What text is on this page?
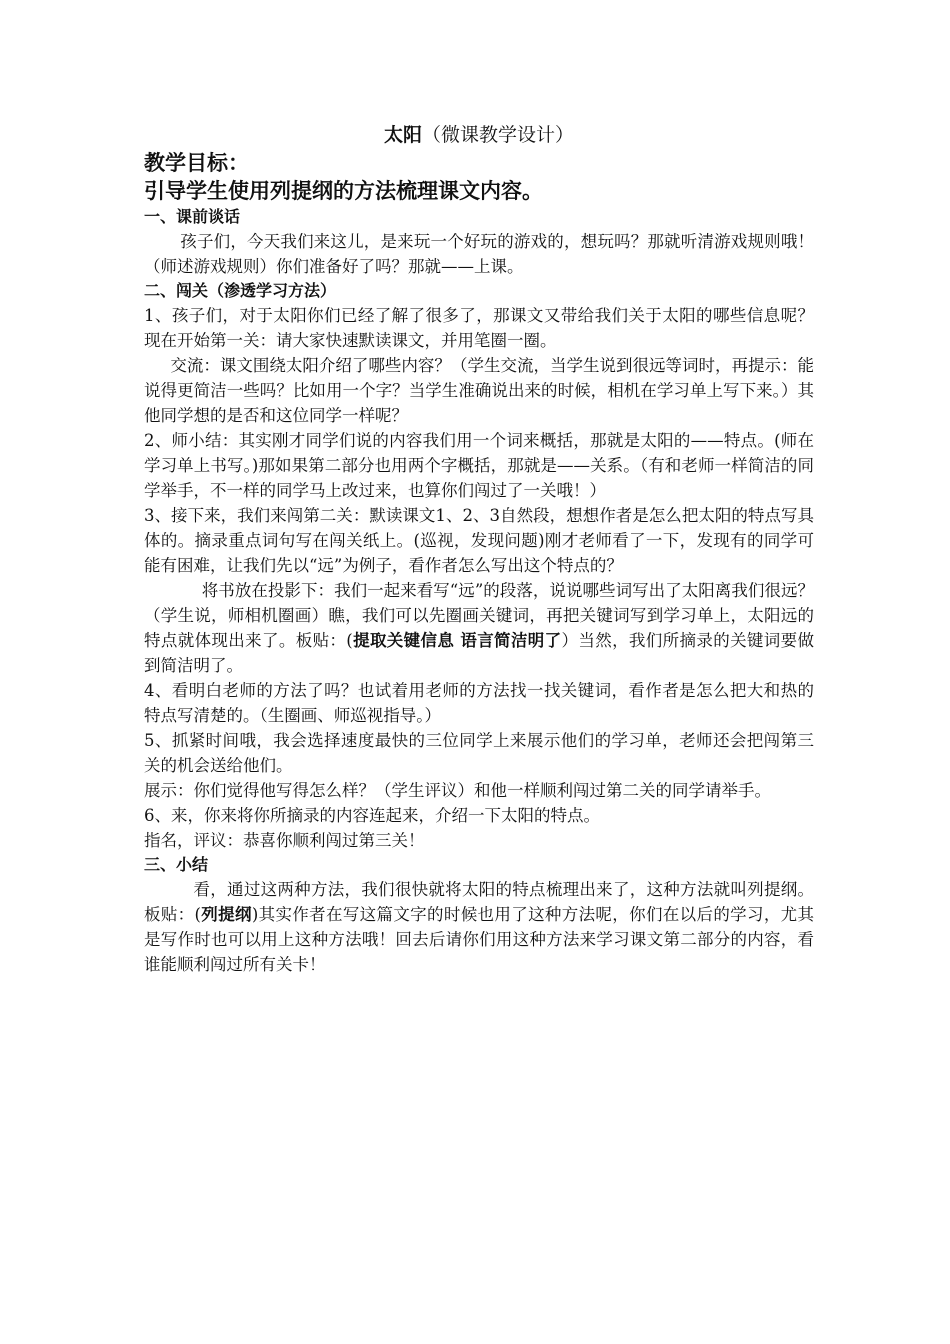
太阳（微课教学设计）
教学目标：
引导学生使用列提纲的方法梳理课文内容。
一、课前谈话

孩子们，今天我们来这儿，是来玩一个好玩的游戏的，想玩吗？那就听清游戏规则哦！（师述游戏规则）你们准备好了吗？那就——上课。

二、闯关（渗透学习方法）

1、孩子们，对于太阳你们已经了解了很多了，那课文又带给我们关于太阳的哪些信息呢？现在开始第一关：请大家快速默读课文，并用笔圈一圈。

交流：课文围绕太阳介绍了哪些内容？（学生交流，当学生说到很远等词时，再提示：能说得更简洁一些吗？比如用一个字？当学生准确说出来的时候，相机在学习单上写下来。）其他同学想的是否和这位同学一样呢？

2、师小结：其实刚才同学们说的内容我们用一个词来概括，那就是太阳的——特点。(师在学习单上书写。)那如果第二部分也用两个字概括，那就是——关系。（有和老师一样简洁的同学举手，不一样的同学马上改过来，也算你们闯过了一关哦！）

3、接下来，我们来闯第二关：默读课文1、2、3自然段，想想作者是怎么把太阳的特点写具体的。摘录重点词句写在闯关纸上。(巡视，发现问题)刚才老师看了一下，发现有的同学可能有困难，让我们先以“远”为例子，看作者怎么写出这个特点的？

将书放在投影下：我们一起来看写“远”的段落，说说哪些词写出了太阳离我们很远？（学生说，师相机圈画）瞧，我们可以先圈画关键词，再把关键词写到学习单上，太阳远的特点就体现出来了。板贴：(提取关键信息 语言简洁明了）当然，我们所摘录的关键词要做到简洁明了。

4、看明白老师的方法了吗？也试着用老师的方法找一找关键词，看作者是怎么把大和热的特点写清楚的。（生圈画、师巡视指导。）

5、抓紧时间哦，我会选择速度最快的三位同学上来展示他们的学习单，老师还会把闯第三关的机会送给他们。

展示：你们觉得他写得怎么样？（学生评议）和他一样顺利闯过第二关的同学请举手。

6、来，你来将你所摘录的内容连起来，介绍一下太阳的特点。

指名，评议：恭喜你顺利闯过第三关！

三、小结

看，通过这两种方法，我们很快就将太阳的特点梳理出来了，这种方法就叫列提纲。板贴：(列提纲)其实作者在写这篇文字的时候也用了这种方法呢，你们在以后的学习，尤其是写作时也可以用上这种方法哦！回去后请你们用这种方法来学习课文第二部分的内容，看谁能顺利闯过所有关卡！
